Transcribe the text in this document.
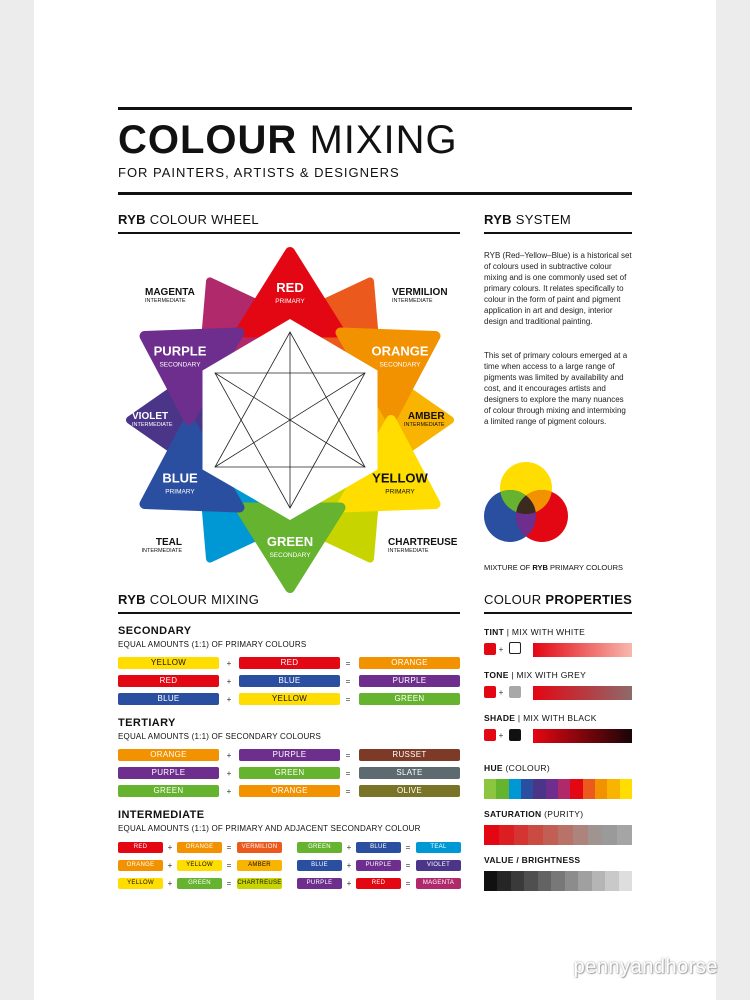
COLOUR MIXING
FOR PAINTERS, ARTISTS & DESIGNERS
RYB COLOUR WHEEL	RYB SYSTEM
RED
PRIMARY
ORANGE
SECONDARY
YELLOW
PRIMARY
GREEN
SECONDARY
BLUE
PRIMARY
PURPLE
SECONDARY
MAGENTA
INTERMEDIATE
VERMILION
INTERMEDIATE
AMBER
INTERMEDIATE
CHARTREUSE
INTERMEDIATE
TEAL
INTERMEDIATE
VIOLET
INTERMEDIATE
RYB (Red–Yellow–Blue) is a historical set of colours used in subtractive colour mixing and is one commonly used set of primary colours. It relates specifically to colour in the form of paint and pigment application in art and design, interior design and traditional painting.
This set of primary colours emerged at a time when access to a large range of pigments was limited by availability and cost, and it encourages artists and designers to explore the many nuances of colour through mixing and intermixing a limited range of pigment colours.
MIXTURE OF RYB PRIMARY COLOURS
RYB COLOUR MIXING	COLOUR PROPERTIES
SECONDARY
EQUAL AMOUNTS (1:1) OF PRIMARY COLOURS
YELLOW	+	RED	=	ORANGE
RED	+	BLUE	=	PURPLE
BLUE	+	YELLOW	=	GREEN
TERTIARY
EQUAL AMOUNTS (1:1) OF SECONDARY COLOURS
ORANGE	+	PURPLE	=	RUSSET
PURPLE	+	GREEN	=	SLATE
GREEN	+	ORANGE	=	OLIVE
INTERMEDIATE
EQUAL AMOUNTS (1:1) OF PRIMARY AND ADJACENT SECONDARY COLOUR
RED	+	ORANGE	=	VERMILION
ORANGE	+	YELLOW	=	AMBER
YELLOW	+	GREEN	=	CHARTREUSE
GREEN	+	BLUE	=	TEAL
BLUE	+	PURPLE	=	VIOLET
PURPLE	+	RED	=	MAGENTA
TINT | MIX WITH WHITE
+
TONE | MIX WITH GREY
+
SHADE | MIX WITH BLACK
+
HUE (COLOUR)
SATURATION (PURITY)
VALUE / BRIGHTNESS
pennyandhorse
